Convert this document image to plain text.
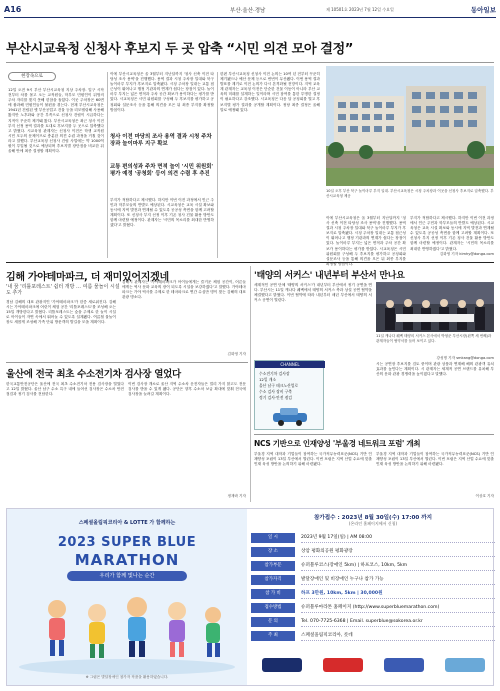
A16	부산·울산·경남	제 10501호 2023년 7월 12일 수요일	동아일보
부산시교육청 신청사 후보지 두 곳 압축 “시민 의견 모아 결정”
현장속으로
12일 오전 9시 부산 부산시교육청 지상 주차장. 입구 시작 전부터 차를 몰고 오는 교직원들, 학부모 민원인이 뒤엉켜 주차 자리를 찾지 못해 한참을 돌았다. 이곳 주차장은 60면에 불과해 민원인들이 불편을 겪는다. 현재 부산시교육청은 1941년 건립된 옛 부산공업고 건물 등을 리모델링해 사용해왔지만 노후화와 공간 부족으로 신청사 건립이 시급하다는 지적이 꾸준히 제기돼 왔다. 부산시교육청은 최근 청사 이전 부지 선정 용역 결과를 토대로 후보지를 두 곳으로 압축했다고 밝혔다. 시교육청 관계자는 신청사 이전은 학생 교직원 시민 모두의 문제이므로 충분한 의견 수렴 과정을 거칠 것이라고 말했다. 부산교육청 신청사 건립 사업에는 약 1000억 원이 투입될 것으로 예상되며 후보지별 장단점을 비교한 뒤 올해 안에 최종 결정할 계획이다.
이에 부산시교육청은 올 3월부터 지난달까지 '청사 신축 이전 타당성 조사 용역'을 진행했다. 용역 결과 시청 주차장 일대와 북구 놀이마루 부지가 후보지로 압축됐다. 시청 주차장 일대는 교통 접근성이 뛰어나고 행정 기관과의 연계가 쉽다는 장점이 있다. 놀이마루 부지는 넓은 면적과 주차 공간 확보가 용이하다는 평가를 받았다. 시교육청은 시민 위원회를 구성해 두 후보지를 평가하고 공청회와 설문조사 등을 통해 의견을 모은 뒤 최종 부지를 확정할 방침이다.
청사 이전 마당의 조사 용역 결과 시청 주차장과 놀이마루 지구 확보
교통 편의성과 주차 면적 놀이 '시민 위원회' 평가 예정 '공청회' 등이 의견 수렴 후 추진
부지가 적합하다고 제시했다. 하지만 이번 이전 과정에서 인근 주민과 학부모들의 반발도 예상된다. 시교육청은 교육 시설 확보와 동시에 지역 발전과 연계될 수 있도록 공공성 측면을 함께 고려할 계획이다. 또 신청사 부지 선정 이후 기존 청사 건물 활용 방안도 함께 마련할 예정이다. 관계자는 '시민의 목소리를 최대한 반영하겠다'고 밝혔다.
한편 부산시교육청 신청사 이전 논의는 10여 년 전부터 꾸준히 제기됐으나 예산 문제 등으로 번번이 무산됐다. 이번 용역 결과 발표를 계기로 이전 논의가 다시 본격화될 전망이다. 지역 교육계 관계자는 교육청 이전은 단순한 건물 이동이 아니라 부산 교육의 미래를 설계하는 일이라며 시민 참여를 통한 투명한 결정이 필요하다고 강조했다. 시교육청은 다음 달 공청회를 열고 후보지별 평가 결과를 공개할 계획이다. 정당 최종 결정은 올해 말로 예정돼 있다.
10일 오후 부산 북구 놀이마루 부지 일대. 부산시교육청은 시청 주차장과 이곳을 신청사 후보지로 압축했다. 부산시교육청 제공
이에 부산시교육청은 올 3월부터 지난달까지 '청사 신축 이전 타당성 조사 용역'을 진행했다. 용역 결과 시청 주차장 일대와 북구 놀이마루 부지가 후보지로 압축됐다. 시청 주차장 일대는 교통 접근성이 뛰어나고 행정 기관과의 연계가 쉽다는 장점이 있다. 놀이마루 부지는 넓은 면적과 주차 공간 확보가 용이하다는 평가를 받았다. 시교육청은 시민 위원회를 구성해 두 후보지를 평가하고 공청회와 설문조사 등을 통해 의견을 모은 뒤 최종 부지를 확정할 방침이다.
부지가 적합하다고 제시했다. 하지만 이번 이전 과정에서 인근 주민과 학부모들의 반발도 예상된다. 시교육청은 교육 시설 확보와 동시에 지역 발전과 연계될 수 있도록 공공성 측면을 함께 고려할 계획이다. 또 신청사 부지 선정 이후 기존 청사 건물 활용 방안도 함께 마련할 예정이다. 관계자는 '시민의 목소리를 최대한 반영하겠다'고 밝혔다.
김화영 기자 kimhy@donga.com
김해 가야테마파크, 더 재미있어지겠네
'내 꿈 '리틀포레스트' 쉽터 개방 … 여름 물놀이 시설도 추가
경남 김해의 대표 관광지인 '가야테마파크'가 한층 새로워진다. 김해시는 가야테마파크에 어린이 체험 공간 '리틀포레스트'를 조성해 오는 15일 개방한다고 밝혔다. 리틀포레스트는 숲을 주제로 한 놀이 시설로 아이들이 자연 속에서 뛰어놀 수 있도록 설계됐다. 여름철 물놀이장도 새롭게 조성해 가족 단위 방문객의 발길을 모을 계획이다.
김해시 관계자는 '가야테마파크가 아이들에게는 즐거운 체험 공간이, 어른들에게는 역사 문화 교육의 장이 되도록 시설을 보강하겠다'고 말했다. 가야테마파크는 가야 역사를 주제로 한 테마파크로 연간 수십만 명이 찾는 김해의 대표 관광 명소다.
김화영 기자
'태양의 서커스' 내년부터 부산서 만나요
세계적인 공연 단체 '태양의 서커스'가 내년부터 부산에서 정기 공연을 연다. 부산시는 11일 캐나다 퀘벡에서 태양의 서커스 측과 상설 공연 협약을 체결했다고 밝혔다. 이번 협약에 따라 내년부터 매년 부산에서 태양의 서커스 공연이 열린다.
11일 캐나다 퀘벡 태양의 서커스 본사에서 박형준 부산시장(왼쪽 세 번째)과 관계자들이 협약서를 들어 보이고 있다.
강성명 기자 smkang@donga.com
울산에 전국 최초 수소전기차 검사장 열었다
한국교통안전공단은 울산에 전국 최초 수소전기차 전용 검사장을 열었다고 12일 밝혔다. 울산 남구 수소 특구 내에 들어선 검사장은 수소차 안전 점검과 정기 검사를 전담한다.
이번 검사장 개소로 울산 지역 수소차 운전자들은 멀리 가지 않고도 전문 검사를 받을 수 있게 됐다. 공단은 향후 수소차 보급 확대에 맞춰 전국에 검사장을 늘려갈 계획이다.
정재락 기자
CHANNEL
수소전기차 검사장
12일 개소
울산 남구 테크노산업로
수소 검사 장비 구축
정기 검사·안전 점검
NCS 기반으로 인재양성 '부울경 네트워크 포럼' 개최
부울경 지역 대학과 기업들이 참여하는 국가직무능력표준(NCS) 기반 인재양성 포럼이 13일 부산에서 열린다. 이번 포럼은 지역 산업 수요에 맞춘 인재 육성 방안을 논의하기 위해 마련됐다.
시는 공연장 후보지를 검토 중이며 관광 상품과 연계해 해외 관광객 유치 효과를 높인다는 계획이다. 시 관계자는 세계적 공연 브랜드를 유치해 부산의 문화 관광 경쟁력을 높이겠다고 말했다.
부울경 지역 대학과 기업들이 참여하는 국가직무능력표준(NCS) 기반 인재양성 포럼이 13일 부산에서 열린다. 이번 포럼은 지역 산업 수요에 맞춘 인재 육성 방안을 논의하기 위해 마련됐다.
이상호 기자
스페셜올림픽코리아 & LOTTE 가 함께하는
2023 SUPER BLUE
MARATHON
우리가 함께 빛나는 순간
※ 그림은 발달장애인 참가자 작품을 활용하였습니다.
참가접수 : 2023년 8월 30일(수) 17:00 까지
(온라인 홈페이지에서 신청)
일 시	2023년 9월 17일(일) | AM 08:00
장 소	상암 평화의공원 평화광장
참가부문	슈퍼블루코스(장애인 5km) | 하프코스, 10km, 5km
참가자격	발달장애인 및 비장애인 누구나 참가 가능
참 가 비	하프 3만원, 10km, 5km | 30,000원
접수방법	슈퍼블루마라톤 홈페이지 (http://www.superbluemarathon.com)
문 의	Tel. 070-7725-6368 | Email. superblue@sokorea.or.kr
주 최	스페셜올림픽코리아, 롯데
